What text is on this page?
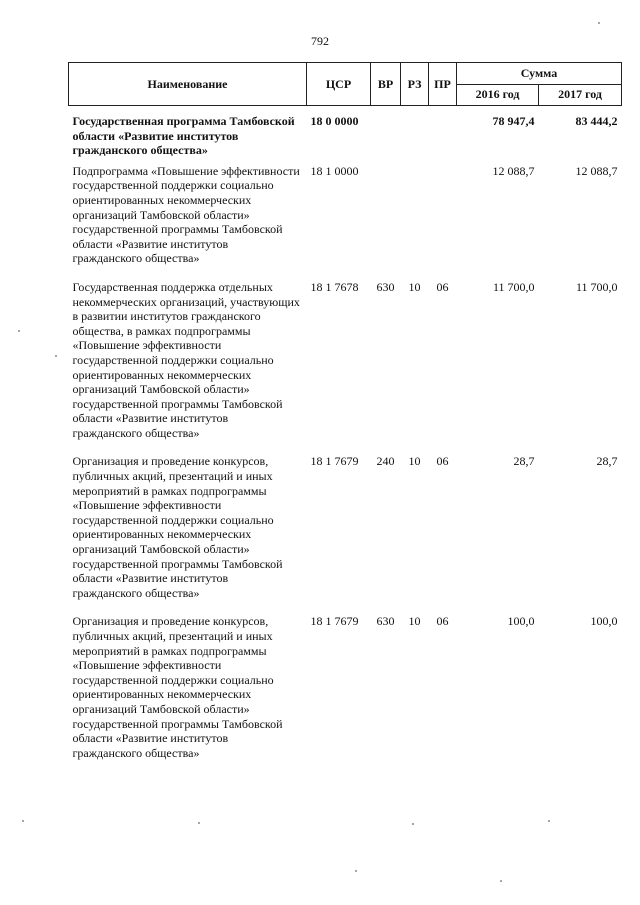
792
Наименование	ЦСР	ВР	РЗ	ПР	Сумма	
					2016 год	2017 год
Государственная программа Тамбовской области «Развитие институтов гражданского общества»	18 0 0000				78 947,4	83 444,2
Подпрограмма «Повышение эффективности государственной поддержки социально ориентированных некоммерческих организаций Тамбовской области» государственной программы Тамбовской области «Развитие институтов гражданского общества»	18 1 0000				12 088,7	12 088,7
Государственная поддержка отдельных некоммерческих организаций, участвующих в развитии институтов гражданского общества, в рамках подпрограммы «Повышение эффективности государственной поддержки социально ориентированных некоммерческих организаций Тамбовской области» государственной программы Тамбовской области «Развитие институтов гражданского общества»	18 1 7678	630	10	06	11 700,0	11 700,0
Организация и проведение конкурсов, публичных акций, презентаций и иных мероприятий в рамках подпрограммы «Повышение эффективности государственной поддержки социально ориентированных некоммерческих организаций Тамбовской области» государственной программы Тамбовской области «Развитие институтов гражданского общества»	18 1 7679	240	10	06	28,7	28,7
Организация и проведение конкурсов, публичных акций, презентаций и иных мероприятий в рамках подпрограммы «Повышение эффективности государственной поддержки социально ориентированных некоммерческих организаций Тамбовской области» государственной программы Тамбовской области «Развитие институтов гражданского общества»	18 1 7679	630	10	06	100,0	100,0
